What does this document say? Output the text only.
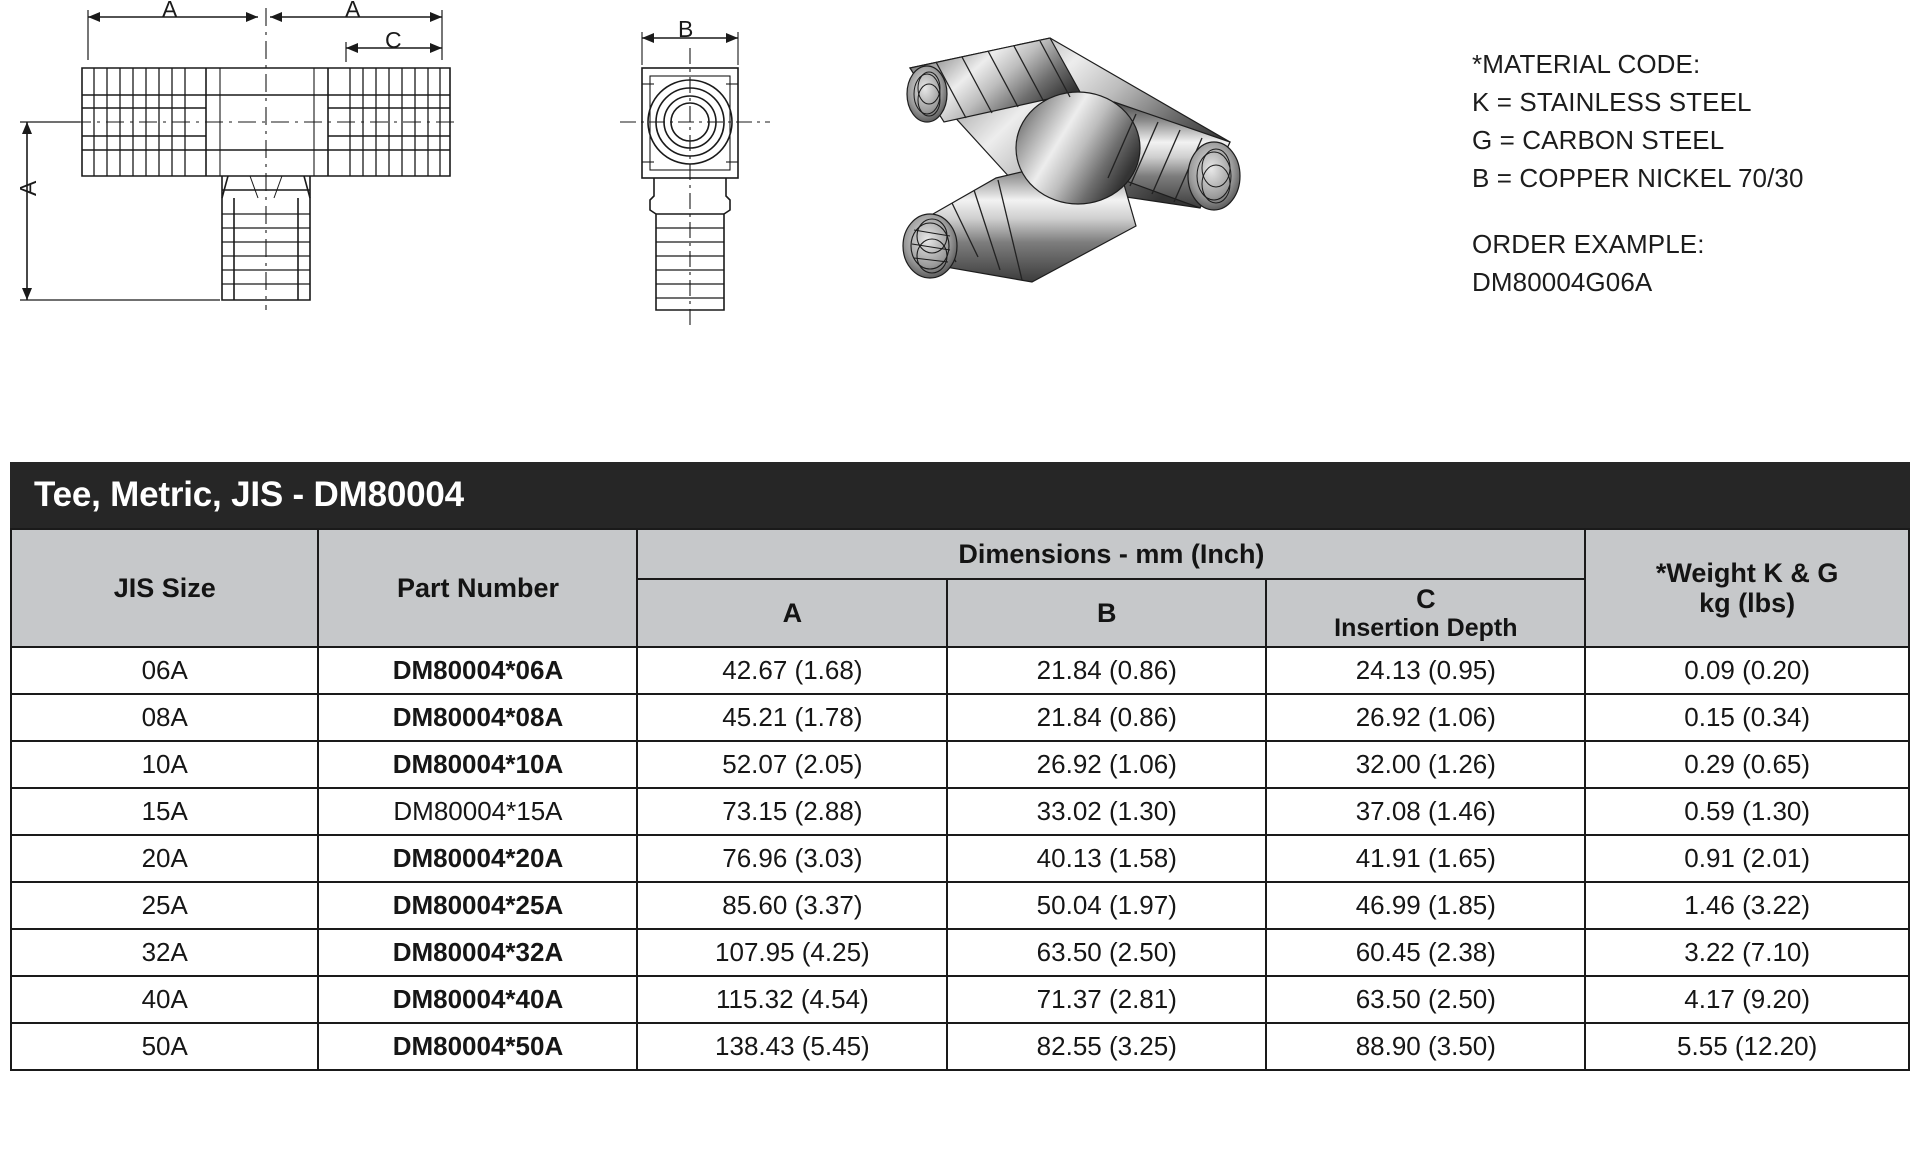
A	A
C
A
B
*MATERIAL CODE:
K = STAINLESS STEEL
G = CARBON STEEL
B = COPPER NICKEL 70/30
ORDER EXAMPLE:
DM80004G06A
Tee, Metric, JIS - DM80004
JIS Size	Part Number	Dimensions - mm (Inch)			*Weight K & G
kg (lbs)

		A	B	C
Insertion Depth	

06A	DM80004*06A	42.67 (1.68)	21.84 (0.86)	24.13 (0.95)	0.09 (0.20)
08A	DM80004*08A	45.21 (1.78)	21.84 (0.86)	26.92 (1.06)	0.15 (0.34)
10A	DM80004*10A	52.07 (2.05)	26.92 (1.06)	32.00 (1.26)	0.29 (0.65)
15A	DM80004*15A	73.15 (2.88)	33.02 (1.30)	37.08 (1.46)	0.59 (1.30)
20A	DM80004*20A	76.96 (3.03)	40.13 (1.58)	41.91 (1.65)	0.91 (2.01)
25A	DM80004*25A	85.60 (3.37)	50.04 (1.97)	46.99 (1.85)	1.46 (3.22)
32A	DM80004*32A	107.95 (4.25)	63.50 (2.50)	60.45 (2.38)	3.22 (7.10)
40A	DM80004*40A	115.32 (4.54)	71.37 (2.81)	63.50 (2.50)	4.17 (9.20)
50A	DM80004*50A	138.43 (5.45)	82.55 (3.25)	88.90 (3.50)	5.55 (12.20)
